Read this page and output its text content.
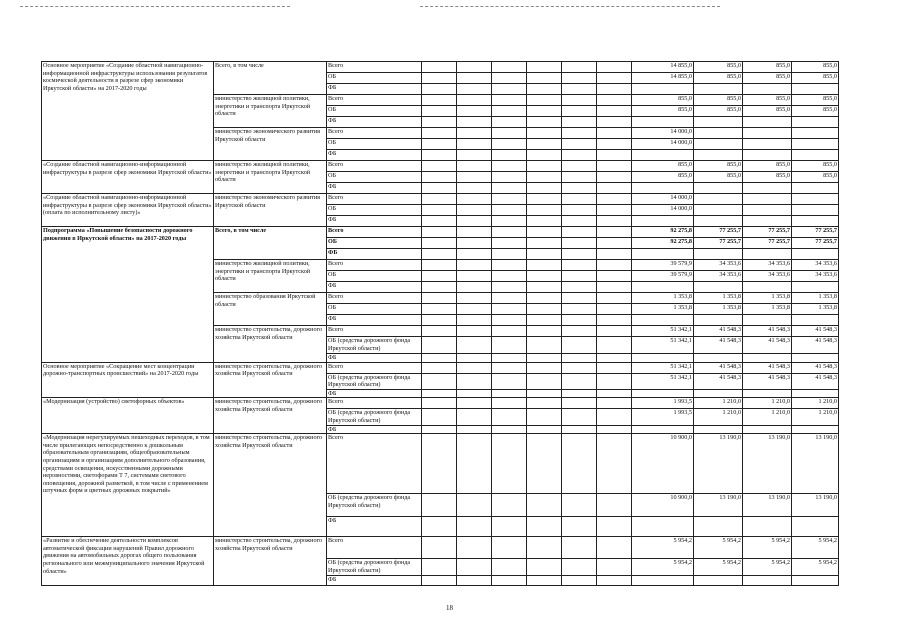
Основное мероприятие «Создание областной навигационно-информационной инфраструктуры использования результатов космической деятельности в разрезе сфер экономики Иркутской области» на 2017-2020 годы	Всего, в том числе	Всего							14 855,0	855,0	855,0	855,0
		ОБ							14 855,0	855,0	855,0	855,0
		ФБ										
	министерство жилищной политики, энергетики и транспорта Иркутской области	Всего							855,0	855,0	855,0	855,0
		ОБ							855,0	855,0	855,0	855,0
		ФБ										
	министерство экономического развития Иркутской области	Всего							14 000,0			
		ОБ							14 000,0			
		ФБ										
«Создание областной навигационно-информационной инфраструктуры в разрезе сфер экономики Иркутской области»	министерство жилищной политики, энергетики и транспорта Иркутской области	Всего							855,0	855,0	855,0	855,0
		ОБ							855,0	855,0	855,0	855,0
		ФБ										
«Создание областной навигационно-информационной инфраструктуры в разрезе сфер экономики Иркутской области» (оплата по исполнительному листу)»	министерство экономического развития Иркутской области	Всего							14 000,0			
		ОБ							14 000,0			
		ФБ										
Подпрограмма «Повышение безопасности дорожного движения в Иркутской области» на 2017-2020 годы	Всего, в том числе	Всего							92 275,8	77 255,7	77 255,7	77 255,7
		ОБ							92 275,8	77 255,7	77 255,7	77 255,7
		ФБ										
	министерство жилищной политики, энергетики и транспорта Иркутской области	Всего							39 579,9	34 353,6	34 353,6	34 353,6
		ОБ							39 579,9	34 353,6	34 353,6	34 353,6
		ФБ										
	министерство образования Иркутской области	Всего							1 353,8	1 353,8	1 353,8	1 353,8
		ОБ							1 353,8	1 353,8	1 353,8	1 353,8
		ФБ										
	министерство строительства, дорожного хозяйства Иркутской области	Всего							51 342,1	41 548,3	41 548,3	41 548,3
		ОБ (средства дорожного фонда Иркутской области)							51 342,1	41 548,3	41 548,3	41 548,3
		ФБ										
Основное мероприятие «Сокращение мест концентрации дорожно-транспортных происшествий» на 2017-2020 годы	министерство строительства, дорожного хозяйства Иркутской области	Всего							51 342,1	41 548,3	41 548,3	41 548,3
		ОБ (средства дорожного фонда Иркутской области)							51 342,1	41 548,3	41 548,3	41 548,3
		ФБ										
«Модернизация (устройство) светофорных объектов»	министерство строительства, дорожного хозяйства Иркутской области	Всего							1 993,5	1 210,0	1 210,0	1 210,0
		ОБ (средства дорожного фонда Иркутской области)							1 993,5	1 210,0	1 210,0	1 210,0
		ФБ										
«Модернизация нерегулируемых пешеходных переходов, в том числе прилегающих непосредственно к дошкольным образовательным организациям, общеобразовательным организациям и организациям дополнительного образования, средствами освещения, искусственными дорожными неровностями, светофорами Т 7, системами светового оповещения, дорожной разметкой, в том числе с применением штучных форм и цветных дорожных покрытий»	министерство строительства, дорожного хозяйства Иркутской области	Всего							10 900,0	13 190,0	13 190,0	13 190,0
		ОБ (средства дорожного фонда Иркутской области)							10 900,0	13 190,0	13 190,0	13 190,0
		ФБ										
«Развитие и обеспечение деятельности комплексов автоматической фиксации нарушений Правил дорожного движения на автомобильных дорогах общего пользования регионального или межмуниципального значения Иркутской области»	министерство строительства, дорожного хозяйства Иркутской области	Всего							5 954,2	5 954,2	5 954,2	5 954,2
		ОБ (средства дорожного фонда Иркутской области)							5 954,2	5 954,2	5 954,2	5 954,2
		ФБ										
18
